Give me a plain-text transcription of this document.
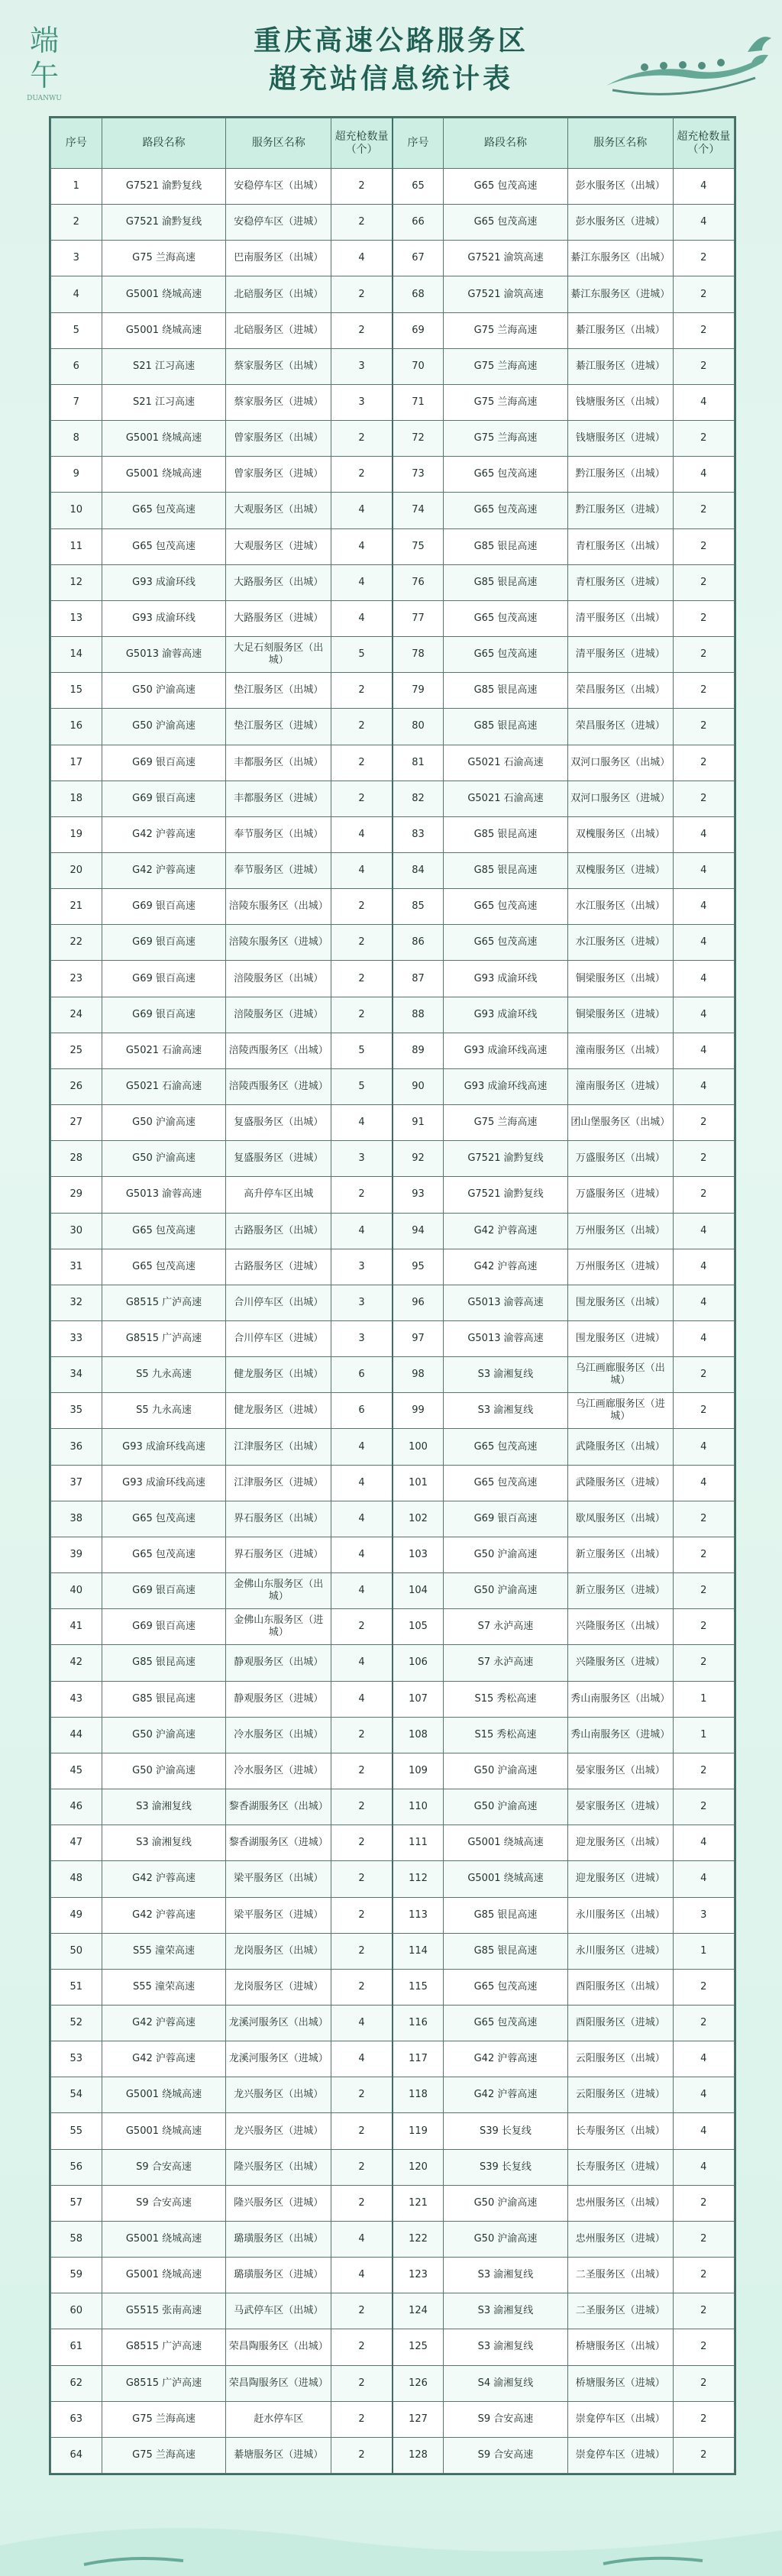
端午
DUANWU
重庆高速公路服务区
超充站信息统计表
序号	路段名称	服务区名称	超充枪数量（个）	序号	路段名称	服务区名称	超充枪数量（个）
1	G7521 渝黔复线	安稳停车区（出城）	2	65	G65 包茂高速	彭水服务区（出城）	4
2	G7521 渝黔复线	安稳停车区（进城）	2	66	G65 包茂高速	彭水服务区（进城）	4
3	G75 兰海高速	巴南服务区（出城）	4	67	G7521 渝筑高速	綦江东服务区（出城）	2
4	G5001 绕城高速	北碚服务区（出城）	2	68	G7521 渝筑高速	綦江东服务区（进城）	2
5	G5001 绕城高速	北碚服务区（进城）	2	69	G75 兰海高速	綦江服务区（出城）	2
6	S21 江习高速	蔡家服务区（出城）	3	70	G75 兰海高速	綦江服务区（进城）	2
7	S21 江习高速	蔡家服务区（进城）	3	71	G75 兰海高速	钱塘服务区（出城）	4
8	G5001 绕城高速	曾家服务区（出城）	2	72	G75 兰海高速	钱塘服务区（进城）	2
9	G5001 绕城高速	曾家服务区（进城）	2	73	G65 包茂高速	黔江服务区（出城）	4
10	G65 包茂高速	大观服务区（出城）	4	74	G65 包茂高速	黔江服务区（进城）	2
11	G65 包茂高速	大观服务区（进城）	4	75	G85 银昆高速	青杠服务区（出城）	2
12	G93 成渝环线	大路服务区（出城）	4	76	G85 银昆高速	青杠服务区（进城）	2
13	G93 成渝环线	大路服务区（进城）	4	77	G65 包茂高速	清平服务区（出城）	2
14	G5013 渝蓉高速	大足石刻服务区（出城）	5	78	G65 包茂高速	清平服务区（进城）	2
15	G50 沪渝高速	垫江服务区（出城）	2	79	G85 银昆高速	荣昌服务区（出城）	2
16	G50 沪渝高速	垫江服务区（进城）	2	80	G85 银昆高速	荣昌服务区（进城）	2
17	G69 银百高速	丰都服务区（出城）	2	81	G5021 石渝高速	双河口服务区（出城）	2
18	G69 银百高速	丰都服务区（进城）	2	82	G5021 石渝高速	双河口服务区（进城）	2
19	G42 沪蓉高速	奉节服务区（出城）	4	83	G85 银昆高速	双槐服务区（出城）	4
20	G42 沪蓉高速	奉节服务区（进城）	4	84	G85 银昆高速	双槐服务区（进城）	4
21	G69 银百高速	涪陵东服务区（出城）	2	85	G65 包茂高速	水江服务区（出城）	4
22	G69 银百高速	涪陵东服务区（进城）	2	86	G65 包茂高速	水江服务区（进城）	4
23	G69 银百高速	涪陵服务区（出城）	2	87	G93 成渝环线	铜梁服务区（出城）	4
24	G69 银百高速	涪陵服务区（进城）	2	88	G93 成渝环线	铜梁服务区（进城）	4
25	G5021 石渝高速	涪陵西服务区（出城）	5	89	G93 成渝环线高速	潼南服务区（出城）	4
26	G5021 石渝高速	涪陵西服务区（进城）	5	90	G93 成渝环线高速	潼南服务区（进城）	4
27	G50 沪渝高速	复盛服务区（出城）	4	91	G75 兰海高速	团山堡服务区（出城）	2
28	G50 沪渝高速	复盛服务区（进城）	3	92	G7521 渝黔复线	万盛服务区（出城）	2
29	G5013 渝蓉高速	高升停车区出城	2	93	G7521 渝黔复线	万盛服务区（进城）	2
30	G65 包茂高速	古路服务区（出城）	4	94	G42 沪蓉高速	万州服务区（出城）	4
31	G65 包茂高速	古路服务区（进城）	3	95	G42 沪蓉高速	万州服务区（进城）	4
32	G8515 广泸高速	合川停车区（出城）	3	96	G5013 渝蓉高速	围龙服务区（出城）	4
33	G8515 广泸高速	合川停车区（进城）	3	97	G5013 渝蓉高速	围龙服务区（进城）	4
34	S5 九永高速	健龙服务区（出城）	6	98	S3 渝湘复线	乌江画廊服务区（出城）	2
35	S5 九永高速	健龙服务区（进城）	6	99	S3 渝湘复线	乌江画廊服务区（进城）	2
36	G93 成渝环线高速	江津服务区（出城）	4	100	G65 包茂高速	武隆服务区（出城）	4
37	G93 成渝环线高速	江津服务区（进城）	4	101	G65 包茂高速	武隆服务区（进城）	4
38	G65 包茂高速	界石服务区（出城）	4	102	G69 银百高速	歇凤服务区（出城）	2
39	G65 包茂高速	界石服务区（进城）	4	103	G50 沪渝高速	新立服务区（出城）	2
40	G69 银百高速	金佛山东服务区（出城）	4	104	G50 沪渝高速	新立服务区（进城）	2
41	G69 银百高速	金佛山东服务区（进城）	2	105	S7 永泸高速	兴隆服务区（出城）	2
42	G85 银昆高速	静观服务区（出城）	4	106	S7 永泸高速	兴隆服务区（进城）	2
43	G85 银昆高速	静观服务区（进城）	4	107	S15 秀松高速	秀山南服务区（出城）	1
44	G50 沪渝高速	冷水服务区（出城）	2	108	S15 秀松高速	秀山南服务区（进城）	1
45	G50 沪渝高速	冷水服务区（进城）	2	109	G50 沪渝高速	晏家服务区（出城）	2
46	S3 渝湘复线	黎香湖服务区（出城）	2	110	G50 沪渝高速	晏家服务区（进城）	2
47	S3 渝湘复线	黎香湖服务区（进城）	2	111	G5001 绕城高速	迎龙服务区（出城）	4
48	G42 沪蓉高速	梁平服务区（出城）	2	112	G5001 绕城高速	迎龙服务区（进城）	4
49	G42 沪蓉高速	梁平服务区（进城）	2	113	G85 银昆高速	永川服务区（出城）	3
50	S55 潼荣高速	龙岗服务区（出城）	2	114	G85 银昆高速	永川服务区（进城）	1
51	S55 潼荣高速	龙岗服务区（进城）	2	115	G65 包茂高速	酉阳服务区（出城）	2
52	G42 沪蓉高速	龙溪河服务区（出城）	4	116	G65 包茂高速	酉阳服务区（进城）	2
53	G42 沪蓉高速	龙溪河服务区（进城）	4	117	G42 沪蓉高速	云阳服务区（出城）	4
54	G5001 绕城高速	龙兴服务区（出城）	2	118	G42 沪蓉高速	云阳服务区（进城）	4
55	G5001 绕城高速	龙兴服务区（进城）	2	119	S39 长复线	长寿服务区（出城）	4
56	S9 合安高速	隆兴服务区（出城）	2	120	S39 长复线	长寿服务区（进城）	4
57	S9 合安高速	隆兴服务区（进城）	2	121	G50 沪渝高速	忠州服务区（出城）	2
58	G5001 绕城高速	璐璜服务区（出城）	4	122	G50 沪渝高速	忠州服务区（进城）	2
59	G5001 绕城高速	璐璜服务区（进城）	4	123	S3 渝湘复线	二圣服务区（出城）	2
60	G5515 张南高速	马武停车区（出城）	2	124	S3 渝湘复线	二圣服务区（进城）	2
61	G8515 广泸高速	荣昌陶服务区（出城）	2	125	S3 渝湘复线	桥塘服务区（出城）	2
62	G8515 广泸高速	荣昌陶服务区（进城）	2	126	S4 渝湘复线	桥塘服务区（进城）	2
63	G75 兰海高速	赶水停车区	2	127	S9 合安高速	崇龛停车区（出城）	2
64	G75 兰海高速	綦塘服务区（进城）	2	128	S9 合安高速	崇龛停车区（进城）	2
